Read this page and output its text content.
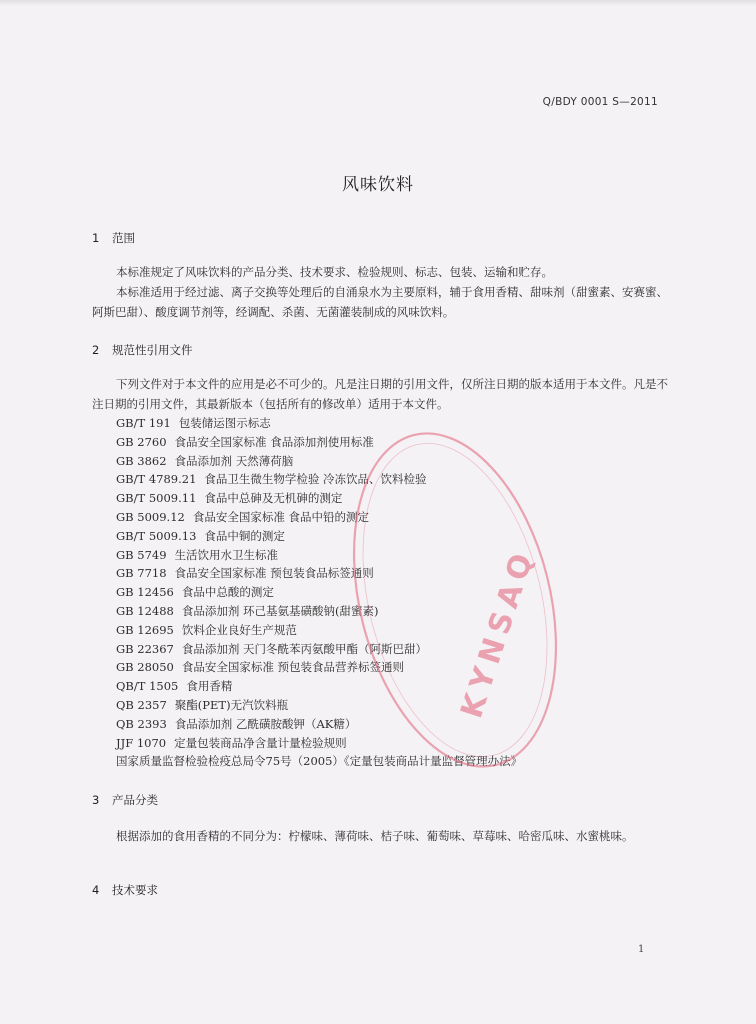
Q/BDY 0001 S—2011
风味饮料
1 范围

本标准规定了风味饮料的产品分类、技术要求、检验规则、标志、包装、运输和贮存。

本标准适用于经过滤、离子交换等处理后的自涌泉水为主要原料，辅于食用香精、甜味剂（甜蜜素、安赛蜜、阿斯巴甜）、酸度调节剂等，经调配、杀菌、无菌灌装制成的风味饮料。

2 规范性引用文件

下列文件对于本文件的应用是必不可少的。凡是注日期的引用文件，仅所注日期的版本适用于本文件。凡是不注日期的引用文件，其最新版本（包括所有的修改单）适用于本文件。

GB/T 191 包装储运图示标志
GB 2760 食品安全国家标准 食品添加剂使用标准
GB 3862 食品添加剂 天然薄荷脑
GB/T 4789.21 食品卫生微生物学检验 冷冻饮品、饮料检验
GB/T 5009.11 食品中总砷及无机砷的测定
GB 5009.12 食品安全国家标准 食品中铅的测定
GB/T 5009.13 食品中铜的测定
GB 5749 生活饮用水卫生标准
GB 7718 食品安全国家标准 预包装食品标签通则
GB 12456 食品中总酸的测定
GB 12488 食品添加剂 环己基氨基磺酸钠(甜蜜素)
GB 12695 饮料企业良好生产规范
GB 22367 食品添加剂 天门冬酰苯丙氨酸甲酯（阿斯巴甜）
GB 28050 食品安全国家标准 预包装食品营养标签通则
QB/T 1505 食用香精
QB 2357 聚酯(PET)无汽饮料瓶
QB 2393 食品添加剂 乙酰磺胺酸钾（AK糖）
JJF 1070 定量包装商品净含量计量检验规则
国家质量监督检验检疫总局令75号（2005）《定量包装商品计量监督管理办法》
3 产品分类

根据添加的食用香精的不同分为：柠檬味、薄荷味、桔子味、葡萄味、草莓味、哈密瓜味、水蜜桃味。

4 技术要求
KYNSAQ
1
